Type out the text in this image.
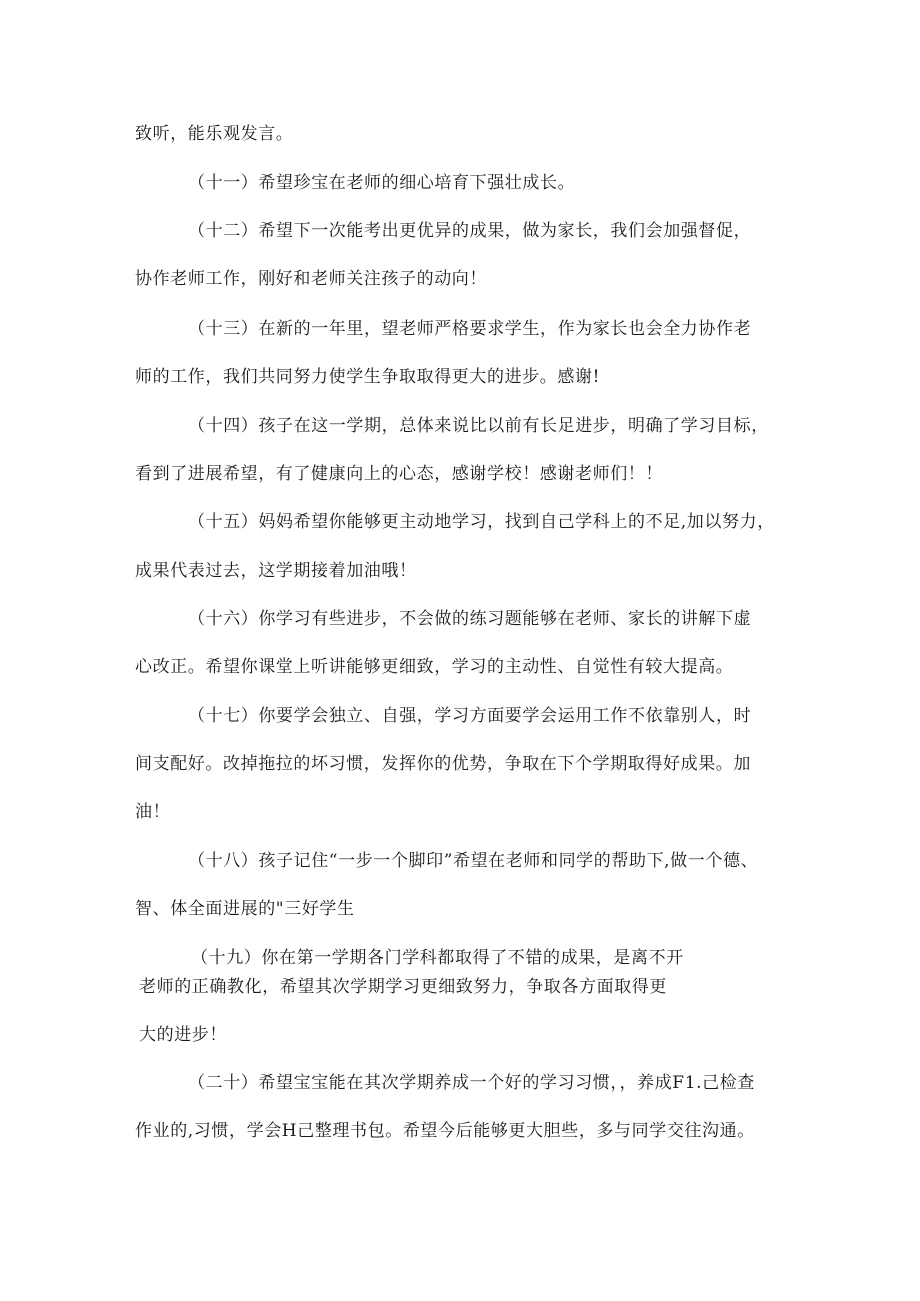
致听，能乐观发言。
（十一）希望珍宝在老师的细心培育下强壮成长。
（十二）希望下一次能考出更优异的成果，做为家长，我们会加强督促，
协作老师工作，刚好和老师关注孩子的动向！
（十三）在新的一年里，望老师严格要求学生，作为家长也会全力协作老
师的工作，我们共同努力使学生争取取得更大的进步。感谢!
（十四）孩子在这一学期，总体来说比以前有长足进步，明确了学习目标，
看到了进展希望，有了健康向上的心态，感谢学校！感谢老师们！！
（十五）妈妈希望你能够更主动地学习，找到自己学科上的不足,加以努力，
成果代表过去，这学期接着加油哦！
（十六）你学习有些进步，不会做的练习题能够在老师、家长的讲解下虚
心改正。希望你课堂上听讲能够更细致，学习的主动性、自觉性有较大提高。
（十七）你要学会独立、自强，学习方面要学会运用工作不依靠别人，时
间支配好。改掉拖拉的坏习惯，发挥你的优势，争取在下个学期取得好成果。加
油！
（十八）孩子记住“一步一个脚印”希望在老师和同学的帮助下,做一个德、
智、体全面进展的"三好学生
（十九）你在第一学期各门学科都取得了不错的成果，是离不开
老师的正确教化，希望其次学期学习更细致努力，争取各方面取得更
大的进步！
（二十）希望宝宝能在其次学期养成一个好的学习习惯，，养成F1.己检查
作业的,习惯，学会H己整理书包。希望今后能够更大胆些，多与同学交往沟通。
